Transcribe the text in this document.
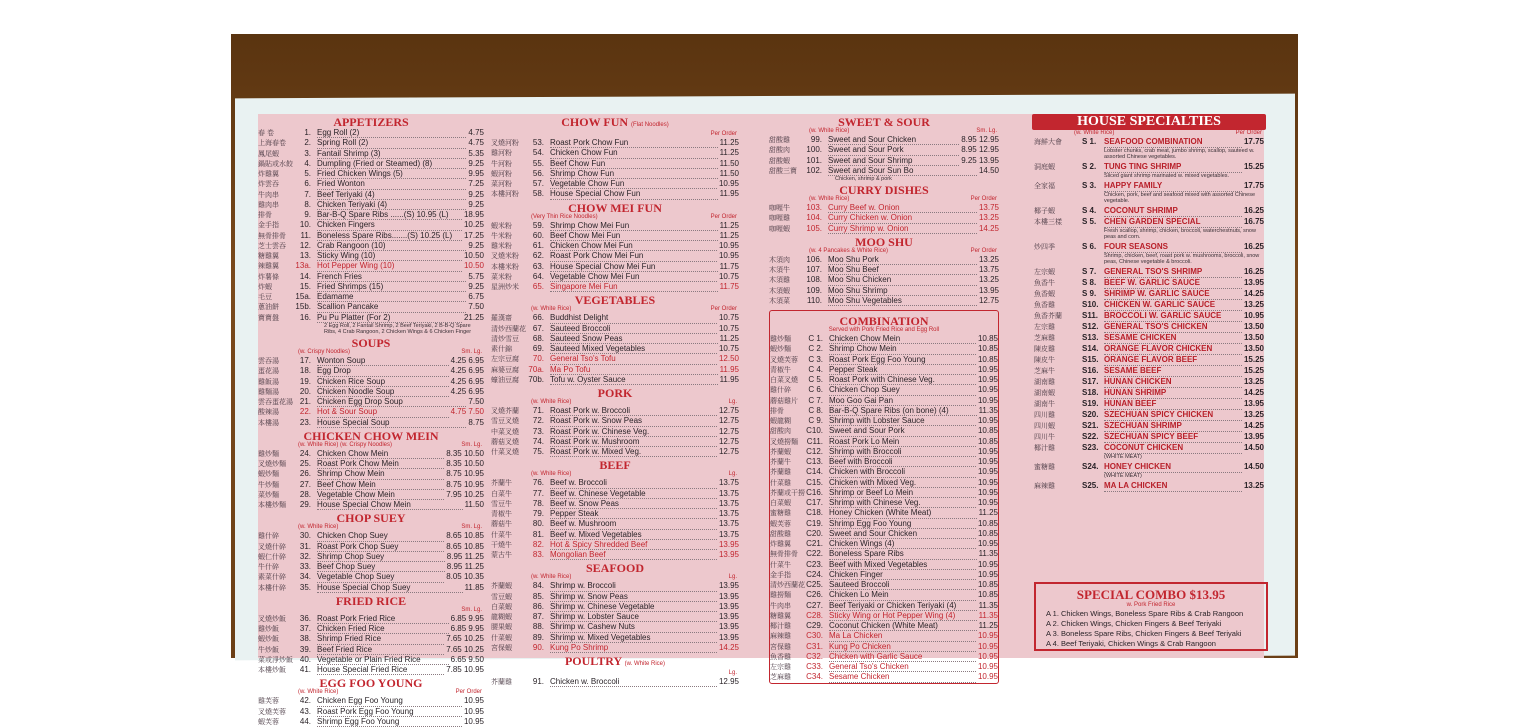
APPETIZERS
春 卷	1. Egg Roll (2)	4.75
上海春卷	2. Spring Roll (2)	4.75
鳳尾蝦	3. Fantail Shrimp (3)	5.35
鍋貼或水餃	4. Dumpling (Fried or Steamed) (8)	9.25
炸雞翼	5. Fried Chicken Wings (5)	9.95
炸雲吞	6. Fried Wonton	7.25
牛肉串	7. Beef Teriyaki (4)	9.25
雞肉串	8. Chicken Teriyaki (4)	9.25
排骨	9. Bar-B-Q Spare Ribs ......(S) 10.95 (L)	18.95
金手指	10. Chicken Fingers	10.25
無骨排骨	11. Boneless Spare Ribs.......(S) 10.25 (L)	17.25
芝士雲吞	12. Crab Rangoon (10)	9.25
糖雞翼	13. Sticky Wing (10)	10.50
辣雞翼	13a. Hot Pepper Wing (10)	10.50
炸薯條	14. French Fries	5.75
炸蝦	15. Fried Shrimps (15)	9.25
毛豆	15a. Edamame	6.75
蔥油餅	15b. Scallion Pancake	7.50
寶寶盤	16. Pu Pu Platter (For 2)	21.25
2 Egg Roll, 2 Fantail Shrimp, 2 Beef Teriyaki, 2 B-B-Q Spare Ribs, 4 Crab Rangoon, 2 Chicken Wings & 6 Chicken Finger
SOUPS
(w. Crispy Noodles)	Sm. Lg.
雲吞湯	17. Wonton Soup	4.25 6.95
蛋花湯	18. Egg Drop	4.25 6.95
雞飯湯	19. Chicken Rice Soup	4.25 6.95
雞麵湯	20. Chicken Noodle Soup	4.25 6.95
雲吞蛋花湯 21. Chicken Egg Drop Soup	7.50
酸辣湯	22. Hot & Sour Soup	4.75 7.50
本樓湯	23. House Special Soup	8.75
CHICKEN CHOW MEIN
(w. White Rice) (w. Crispy Noodles)	Sm. Lg.
雞炒麵	24. Chicken Chow Mein	8.35 10.50
叉燒炒麵	25. Roast Pork Chow Mein	8.35 10.50
蝦炒麵	26. Shrimp Chow Mein	8.75 10.95
牛炒麵	27. Beef Chow Mein	8.75 10.95
菜炒麵	28. Vegetable Chow Mein	7.95 10.25
本樓炒麵	29. House Special Chow Mein	11.50
CHOP SUEY
(w. White Rice)	Sm. Lg.
雞什碎	30. Chicken Chop Suey	8.65 10.85
叉燒什碎	31. Roast Pork Chop Suey	8.65 10.85
蝦仁什碎	32. Shrimp Chop Suey	8.95 11.25
牛什碎	33. Beef Chop Suey	8.95 11.25
素菜什碎	34. Vegetable Chop Suey	8.05 10.35
本樓什碎	35. House Special Chop Suey	11.85
FRIED RICE
Sm. Lg.
叉燒炒飯	36. Roast Pork Fried Rice	6.85 9.95
雞炒飯	37. Chicken Fried Rice	6.85 9.95
蝦炒飯	38. Shrimp Fried Rice	7.65 10.25
牛炒飯	39. Beef Fried Rice	7.65 10.25
菜或淨炒飯 40. Vegetable or Plain Fried Rice	6.65 9.50
本樓炒飯	41. House Special Fried Rice	7.85 10.95
EGG FOO YOUNG
(w. White Rice)	Per Order
雞芙蓉	42. Chicken Egg Foo Young	10.95
叉燒芙蓉	43. Roast Pork Egg Foo Young	10.95
蝦芙蓉	44. Shrimp Egg Foo Young	10.95
CHOW FUN (Flat Noodles)
Per Order
叉燒河粉	53. Roast Pork Chow Fun	11.25
雞河粉	54. Chicken Chow Fun	11.25
牛河粉	55. Beef Chow Fun	11.50
蝦河粉	56. Shrimp Chow Fun	11.50
菜河粉	57. Vegetable Chow Fun	10.95
本樓河粉	58. House Special Chow Fun	11.95
CHOW MEI FUN
(Very Thin Rice Noodles)	Per Order
蝦米粉	59. Shrimp Chow Mei Fun	11.25
牛米粉	60. Beef Chow Mei Fun	11.25
雞米粉	61. Chicken Chow Mei Fun	10.95
叉燒米粉	62. Roast Pork Chow Mei Fun	10.95
本樓米粉	63. House Special Chow Mei Fun	11.75
菜米粉	64. Vegetable Chow Mei Fun	10.75
星洲炒米	65. Singapore Mei Fun	11.75
VEGETABLES
(w. White Rice)	Per Order
羅漢齋	66. Buddhist Delight	10.75
清炒西蘭花 67. Sauteed Broccoli	10.75
清炒雪豆	68. Sauteed Snow Peas	11.25
素什錦	69. Sauteed Mixed Vegetables	10.75
左宗豆腐	70. General Tso's Tofu	12.50
麻婆豆腐	70a. Ma Po Tofu	11.95
蠔油豆腐	70b. Tofu w. Oyster Sauce	11.95
PORK
(w. White Rice)	Lg.
叉燒芥蘭	71. Roast Pork w. Broccoli	12.75
雪豆叉燒	72. Roast Pork w. Snow Peas	12.75
中菜叉燒	73. Roast Pork w. Chinese Veg.	12.75
蘑菇叉燒	74. Roast Pork w. Mushroom	12.75
什菜叉燒	75. Roast Pork w. Mixed Veg.	12.75
BEEF
(w. White Rice)	Lg.
芥蘭牛	76. Beef w. Broccoli	13.75
白菜牛	77. Beef w. Chinese Vegetable	13.75
雪豆牛	78. Beef w. Snow Peas	13.75
青椒牛	79. Pepper Steak	13.75
蘑菇牛	80. Beef w. Mushroom	13.75
什菜牛	81. Beef w. Mixed Vegetables	13.75
干燒牛	82. Hot & Spicy Shredded Beef	13.95
蒙古牛	83. Mongolian Beef	13.95
SEAFOOD
(w. White Rice)	Lg.
芥蘭蝦	84. Shrimp w. Broccoli	13.95
雪豆蝦	85. Shrimp w. Snow Peas	13.95
白菜蝦	86. Shrimp w. Chinese Vegetable	13.95
龍糊蝦	87. Shrimp w. Lobster Sauce	13.95
腰果蝦	88. Shrimp w. Cashew Nuts	13.95
什菜蝦	89. Shrimp w. Mixed Vegetables	13.95
宮保蝦	90. Kung Po Shrimp	14.25
POULTRY (w. White Rice)
Lg.
芥蘭雞	91. Chicken w. Broccoli	12.95
SWEET & SOUR
(w. White Rice)	Sm. Lg.
甜酸雞	99. Sweet and Sour Chicken	8.95 12.95
甜酸肉	100. Sweet and Sour Pork	8.95 12.95
甜酸蝦	101. Sweet and Sour Shrimp	9.25 13.95
甜酸三寶	102. Sweet and Sour Sun Bo	14.50
Chicken, shrimp & pork
CURRY DISHES
(w. White Rice)	Per Order
咖喱牛	103. Curry Beef w. Onion	13.75
咖喱雞	104. Curry Chicken w. Onion	13.25
咖喱蝦	105. Curry Shrimp w. Onion	14.25
MOO SHU
(w. 4 Pancakes & White Rice)	Per Order
木須肉	106. Moo Shu Pork	13.25
木須牛	107. Moo Shu Beef	13.75
木須雞	108. Moo Shu Chicken	13.25
木須蝦	109. Moo Shu Shrimp	13.95
木須菜	110. Moo Shu Vegetables	12.75
COMBINATION
Served with Pork Fried Rice and Egg Roll
雞炒麵	C 1. Chicken Chow Mein	10.85
蝦炒麵	C 2. Shrimp Chow Mein	10.85
叉燒芙蓉	C 3. Roast Pork Egg Foo Young	10.85
青椒牛	C 4. Pepper Steak	10.95
白菜叉燒	C 5. Roast Pork with Chinese Veg.	10.95
雞什碎	C 6. Chicken Chop Suey	10.95
蘑菇雞片	C 7. Moo Goo Gai Pan	10.95
排骨	C 8. Bar-B-Q Spare Ribs (on bone) (4)	11.35
蝦龍糊	C 9. Shrimp with Lobster Sauce	10.95
甜酸肉	C10. Sweet and Sour Pork	10.85
叉燒撈麵	C11. Roast Pork Lo Mein	10.85
芥蘭蝦	C12. Shrimp with Broccoli	10.95
芥蘭牛	C13. Beef with Broccoli	10.95
芥蘭雞	C14. Chicken with Broccoli	10.95
什菜雞	C15. Chicken with Mixed Veg.	10.95
芥蘭或干撈 C16. Shrimp or Beef Lo Mein	10.95
白菜蝦	C17. Shrimp with Chinese Veg.	10.95
蜜糖雞	C18. Honey Chicken (White Meat)	11.25
蝦芙蓉	C19. Shrimp Egg Foo Young	10.85
甜酸雞	C20. Sweet and Sour Chicken	10.85
炸雞翼	C21. Chicken Wings (4)	10.95
無骨排骨	C22. Boneless Spare Ribs	11.35
什菜牛	C23. Beef with Mixed Vegetables	10.95
金手指	C24. Chicken Finger	10.95
清炒西蘭花 C25. Sauteed Broccoli	10.85
雞撈麵	C26. Chicken Lo Mein	10.85
牛肉串	C27. Beef Teriyaki or Chicken Teriyaki (4)	11.35
糖雞翼	C28. Sticky Wing or Hot Pepper Wing (4)	11.35
椰汁雞	C29. Coconut Chicken (White Meat)	11.25
麻辣雞	C30. Ma La Chicken	10.95
宮保雞	C31. Kung Po Chicken	10.95
魚香雞	C32. Chicken with Garlic Sauce	10.95
左宗雞	C33. General Tso's Chicken	10.95
芝麻雞	C34. Sesame Chicken	10.95
HOUSE SPECIALTIES
(w. White Rice)	Per Order
海鮮大會	S 1. SEAFOOD COMBINATION	17.75
Lobster chunks, crab meat, jumbo shrimp, scallop, sauteed w. assorted Chinese vegetables.
洞庭蝦	S 2. TUNG TING SHRIMP	15.25
Sliced giant shrimp marinated w. mixed vegetables.
全家福	S 3. HAPPY FAMILY	17.75
Chicken, pork, beef and seafood mixed with assorted Chinese vegetable.
椰子蝦	S 4. COCONUT SHRIMP	16.25
本樓三樣	S 5. CHEN GARDEN SPECIAL	16.75
Fresh scallop, shrimp, chicken, broccoli, waterchestnuts, snow peas and corn.
炒四季	S 6. FOUR SEASONS	16.25
Shrimp, chicken, beef, roast pork w. mushrooms, broccoli, snow peas, Chinese vegetable & broccoli.
左宗蝦	S 7. GENERAL TSO'S SHRIMP	16.25
魚香牛	S 8. BEEF W. GARLIC SAUCE	13.95
魚香蝦	S 9. SHRIMP W. GARLIC SAUCE	14.25
魚香雞	S10. CHICKEN W. GARLIC SAUCE	13.25
魚香芥蘭	S11. BROCCOLI W. GARLIC SAUCE	10.95
左宗雞	S12. GENERAL TSO'S CHICKEN	13.50
芝麻雞	S13. SESAME CHICKEN	13.50
陳皮雞	S14. ORANGE FLAVOR CHICKEN	13.50
陳皮牛	S15. ORANGE FLAVOR BEEF	15.25
芝麻牛	S16. SESAME BEEF	15.25
湖南雞	S17. HUNAN CHICKEN	13.25
湖南蝦	S18. HUNAN SHRIMP	14.25
湖南牛	S19. HUNAN BEEF	13.95
四川雞	S20. SZECHUAN SPICY CHICKEN	13.25
四川蝦	S21. SZECHUAN SHRIMP	14.25
四川牛	S22. SZECHUAN SPICY BEEF	13.95
椰汁雞	S23. COCONUT CHICKEN	14.50
(WHITE MEAT)
蜜糖雞	S24. HONEY CHICKEN	14.50
(WHITE MEAT)
麻辣雞	S25. MA LA CHICKEN	13.25
SPECIAL COMBO $13.95
w. Pork Fried Rice
A 1. Chicken Wings, Boneless Spare Ribs & Crab Rangoon
A 2. Chicken Wings, Chicken Fingers & Beef Teriyaki
A 3. Boneless Spare Ribs, Chicken Fingers & Beef Teriyaki
A 4. Beef Teriyaki, Chicken Wings & Crab Rangoon
